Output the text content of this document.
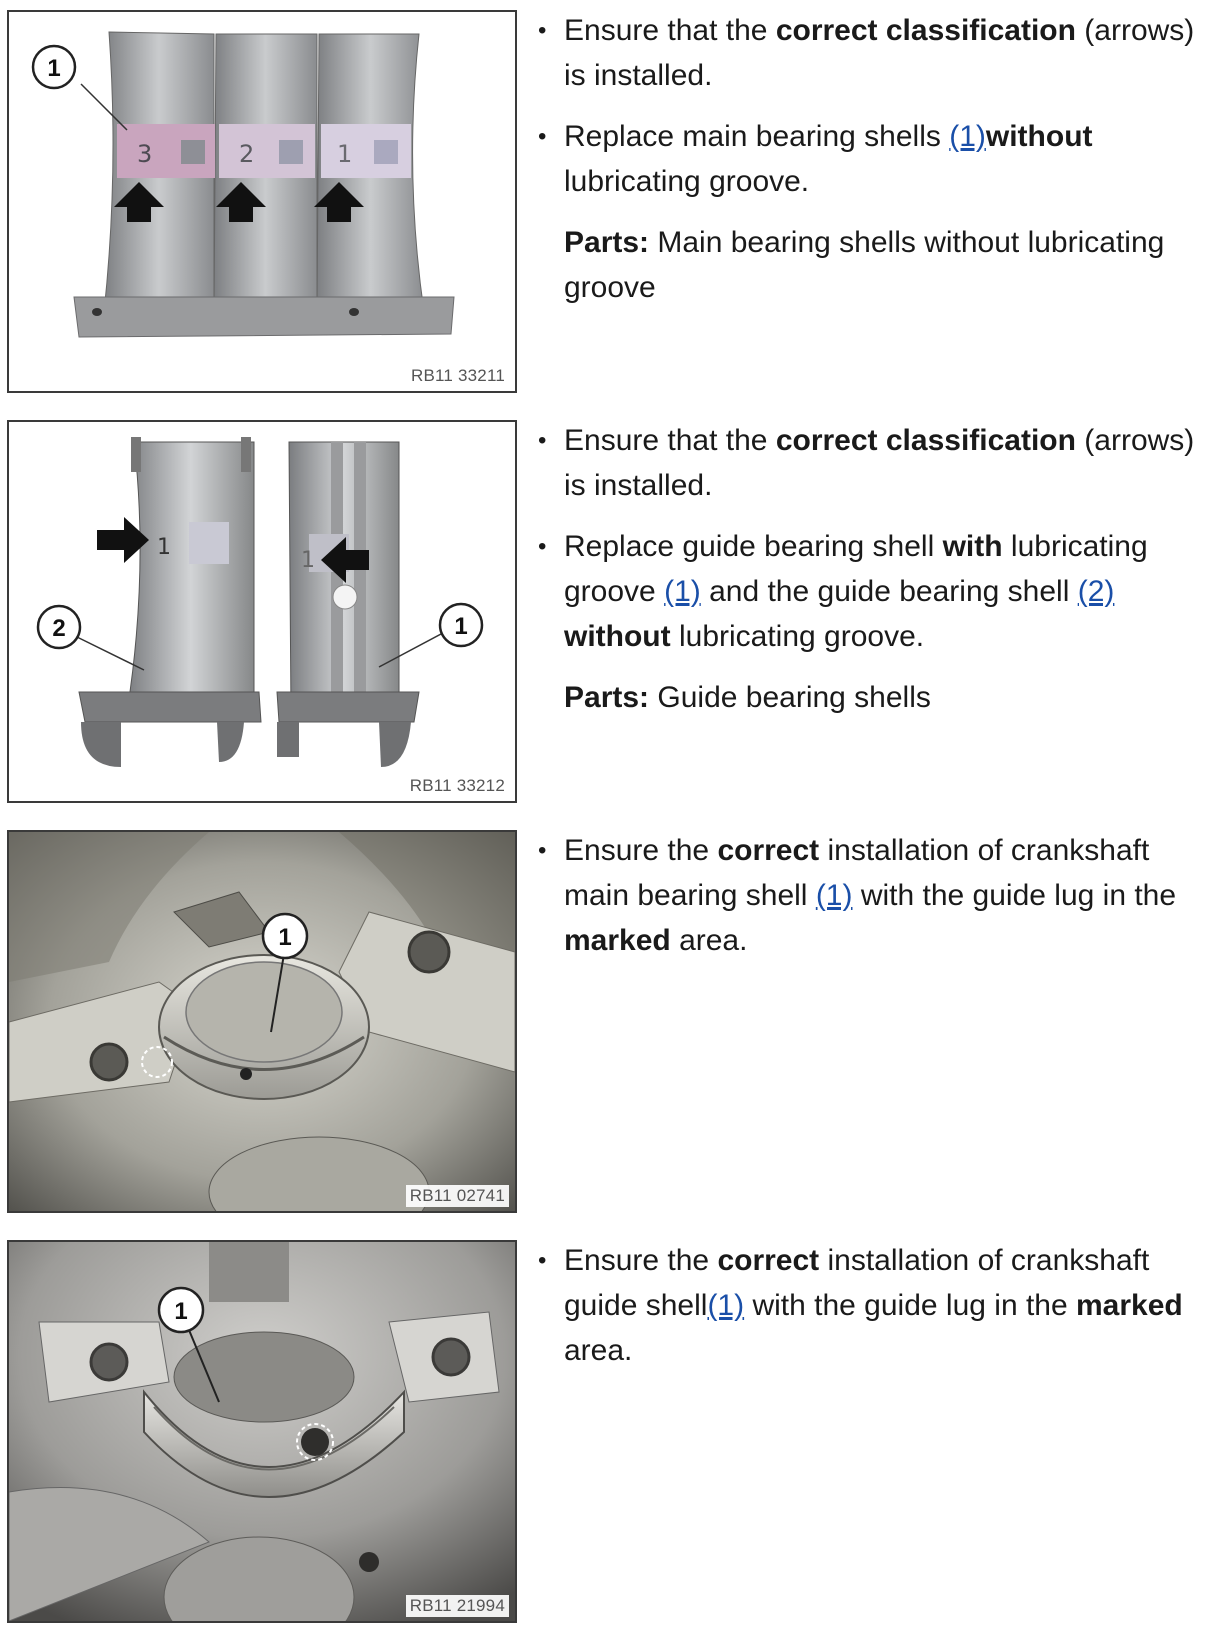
3	2	1
1
RB11 33211
• Ensure that the correct classification (arrows) is installed.
• Replace main bearing shells (1)without lubricating groove.
Parts: Main bearing shells without lubricating groove
1
1
2	1
RB11 33212
• Ensure that the correct classification (arrows) is installed.
• Replace guide bearing shell with lubricating groove (1) and the guide bearing shell (2) without lubricating groove.
Parts: Guide bearing shells
1
RB11 02741
• Ensure the correct installation of crankshaft main bearing shell (1) with the guide lug in the marked area.
1
RB11 21994
• Ensure the correct installation of crankshaft guide shell(1) with the guide lug in the marked area.
